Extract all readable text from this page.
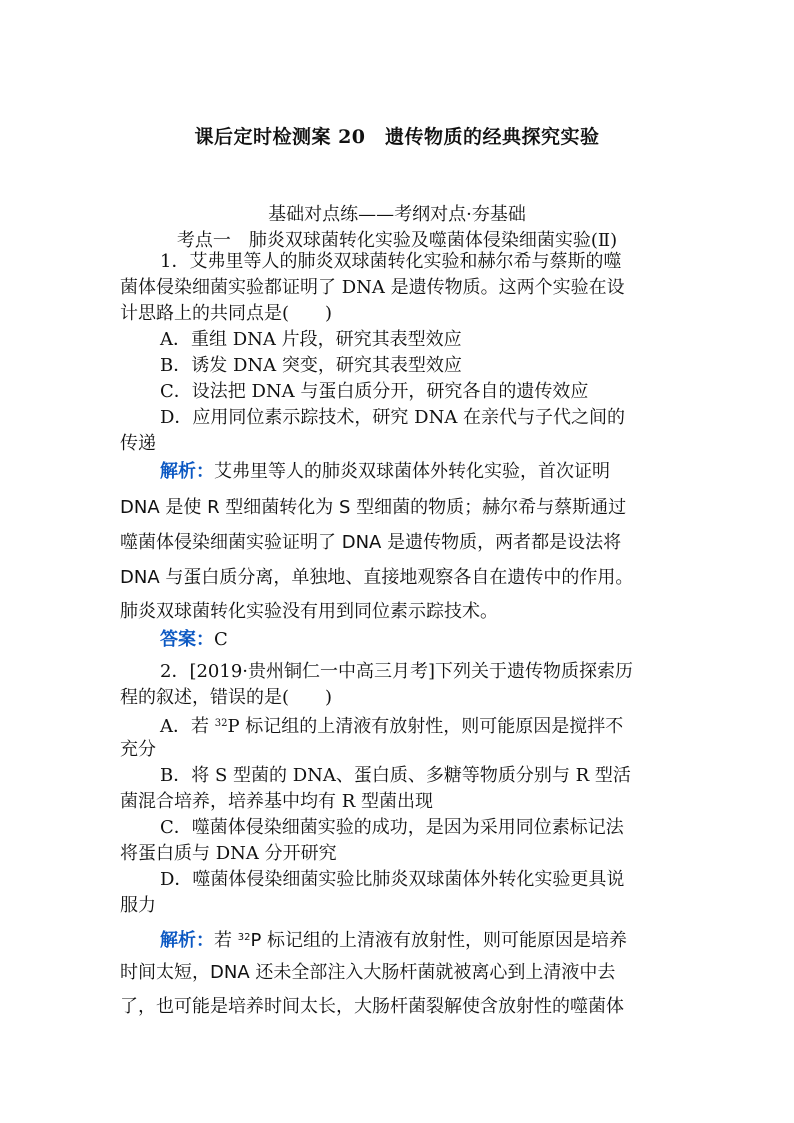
课后定时检测案 20　遗传物质的经典探究实验
基础对点练——考纲对点·夯基础
考点一　肺炎双球菌转化实验及噬菌体侵染细菌实验(Ⅱ)
1．艾弗里等人的肺炎双球菌转化实验和赫尔希与蔡斯的噬
菌体侵染细菌实验都证明了 DNA 是遗传物质。这两个实验在设
计思路上的共同点是(　　)
A．重组 DNA 片段，研究其表型效应
B．诱发 DNA 突变，研究其表型效应
C．设法把 DNA 与蛋白质分开，研究各自的遗传效应
D．应用同位素示踪技术，研究 DNA 在亲代与子代之间的
传递
解析：艾弗里等人的肺炎双球菌体外转化实验，首次证明
DNA 是使 R 型细菌转化为 S 型细菌的物质；赫尔希与蔡斯通过
噬菌体侵染细菌实验证明了 DNA 是遗传物质，两者都是设法将
DNA 与蛋白质分离，单独地、直接地观察各自在遗传中的作用。
肺炎双球菌转化实验没有用到同位素示踪技术。
答案：C
2．[2019·贵州铜仁一中高三月考]下列关于遗传物质探索历
程的叙述，错误的是(　　)
A．若 $^{32}$P 标记组的上清液有放射性，则可能原因是搅拌不
充分
B．将 S 型菌的 DNA、蛋白质、多糖等物质分别与 R 型活
菌混合培养，培养基中均有 R 型菌出现
C．噬菌体侵染细菌实验的成功，是因为采用同位素标记法
将蛋白质与 DNA 分开研究
D．噬菌体侵染细菌实验比肺炎双球菌体外转化实验更具说
服力
解析：若 $^{32}$P 标记组的上清液有放射性，则可能原因是培养
时间太短，DNA 还未全部注入大肠杆菌就被离心到上清液中去
了，也可能是培养时间太长，大肠杆菌裂解使含放射性的噬菌体
